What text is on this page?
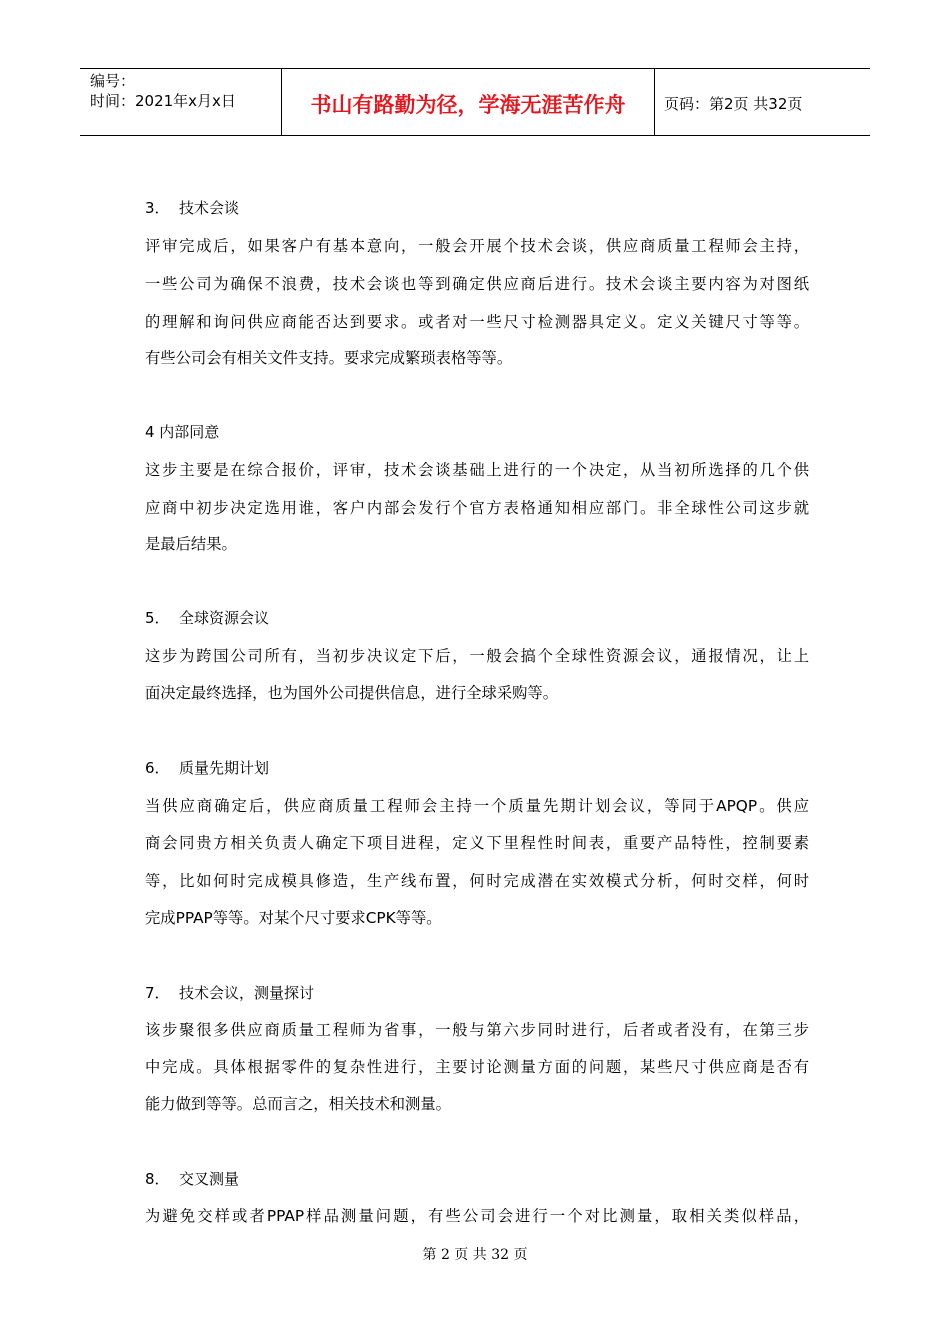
编号：
时间：2021年x月x日	书山有路勤为径，学海无涯苦作舟	页码：第2页 共32页
3． 技术会谈
评审完成后，如果客户有基本意向，一般会开展个技术会谈，供应商质量工程师会主持，
一些公司为确保不浪费，技术会谈也等到确定供应商后进行。技术会谈主要内容为对图纸
的理解和询问供应商能否达到要求。或者对一些尺寸检测器具定义。定义关键尺寸等等。
有些公司会有相关文件支持。要求完成繁琐表格等等。
4 内部同意
这步主要是在综合报价，评审，技术会谈基础上进行的一个决定，从当初所选择的几个供
应商中初步决定选用谁，客户内部会发行个官方表格通知相应部门。非全球性公司这步就
是最后结果。
5． 全球资源会议
这步为跨国公司所有，当初步决议定下后，一般会搞个全球性资源会议，通报情况，让上
面决定最终选择，也为国外公司提供信息，进行全球采购等。
6． 质量先期计划
当供应商确定后，供应商质量工程师会主持一个质量先期计划会议，等同于APQP。供应
商会同贵方相关负责人确定下项目进程，定义下里程性时间表，重要产品特性，控制要素
等，比如何时完成模具修造，生产线布置，何时完成潜在实效模式分析，何时交样，何时
完成PPAP等等。对某个尺寸要求CPK等等。
7． 技术会议，测量探讨
该步聚很多供应商质量工程师为省事，一般与第六步同时进行，后者或者没有，在第三步
中完成。具体根据零件的复杂性进行，主要讨论测量方面的问题，某些尺寸供应商是否有
能力做到等等。总而言之，相关技术和测量。
8． 交叉测量
为避免交样或者PPAP样品测量问题，有些公司会进行一个对比测量，取相关类似样品，
第 2 页 共 32 页
